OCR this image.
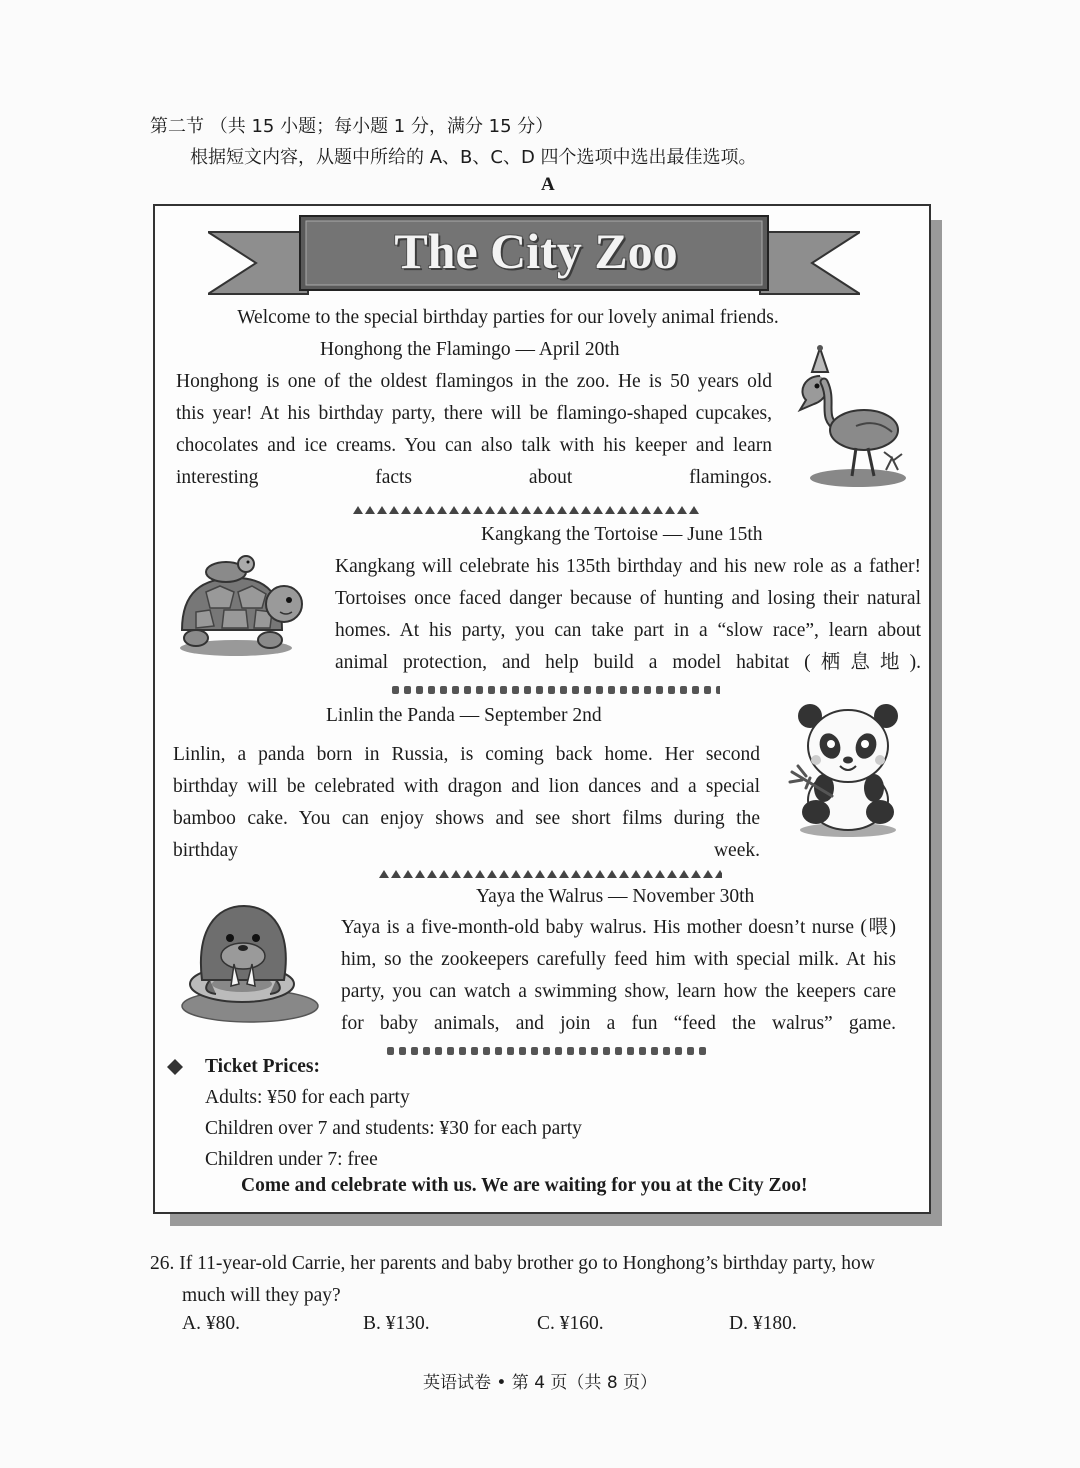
第二节 （共 15 小题；每小题 1 分，满分 15 分）
根据短文内容，从题中所给的 A、B、C、D 四个选项中选出最佳选项。
A
The City Zoo
Welcome to the special birthday parties for our lovely animal friends.
Honghong the Flamingo — April 20th
Honghong is one of the oldest flamingos in the zoo. He is 50 years old
this year! At his birthday party, there will be flamingo-shaped cupcakes,
chocolates and ice creams. You can also talk with his keeper and learn
interesting facts about flamingos.
Kangkang the Tortoise — June 15th
Kangkang will celebrate his 135th birthday and his new role as a father!
Tortoises once faced danger because of hunting and losing their natural
homes. At his party, you can take part in a “slow race”, learn about
animal protection, and help build a model habitat (栖息地).
Linlin the Panda — September 2nd
Linlin, a panda born in Russia, is coming back home. Her second
birthday will be celebrated with dragon and lion dances and a special
bamboo cake. You can enjoy shows and see short films during the
birthday week.
Yaya the Walrus — November 30th
Yaya is a five-month-old baby walrus. His mother doesn’t nurse (喂)
him, so the zookeepers carefully feed him with special milk. At his
party, you can watch a swimming show, learn how the keepers care
for baby animals, and join a fun “feed the walrus” game.
Ticket Prices:
Adults: ¥50 for each party
Children over 7 and students: ¥30 for each party
Children under 7: free
Come and celebrate with us. We are waiting for you at the City Zoo!
26. If 11-year-old Carrie, her parents and baby brother go to Honghong’s birthday party, how
much will they pay?
A. ¥80.	B. ¥130.	C. ¥160.	D. ¥180.
英语试卷 • 第 4 页（共 8 页）
